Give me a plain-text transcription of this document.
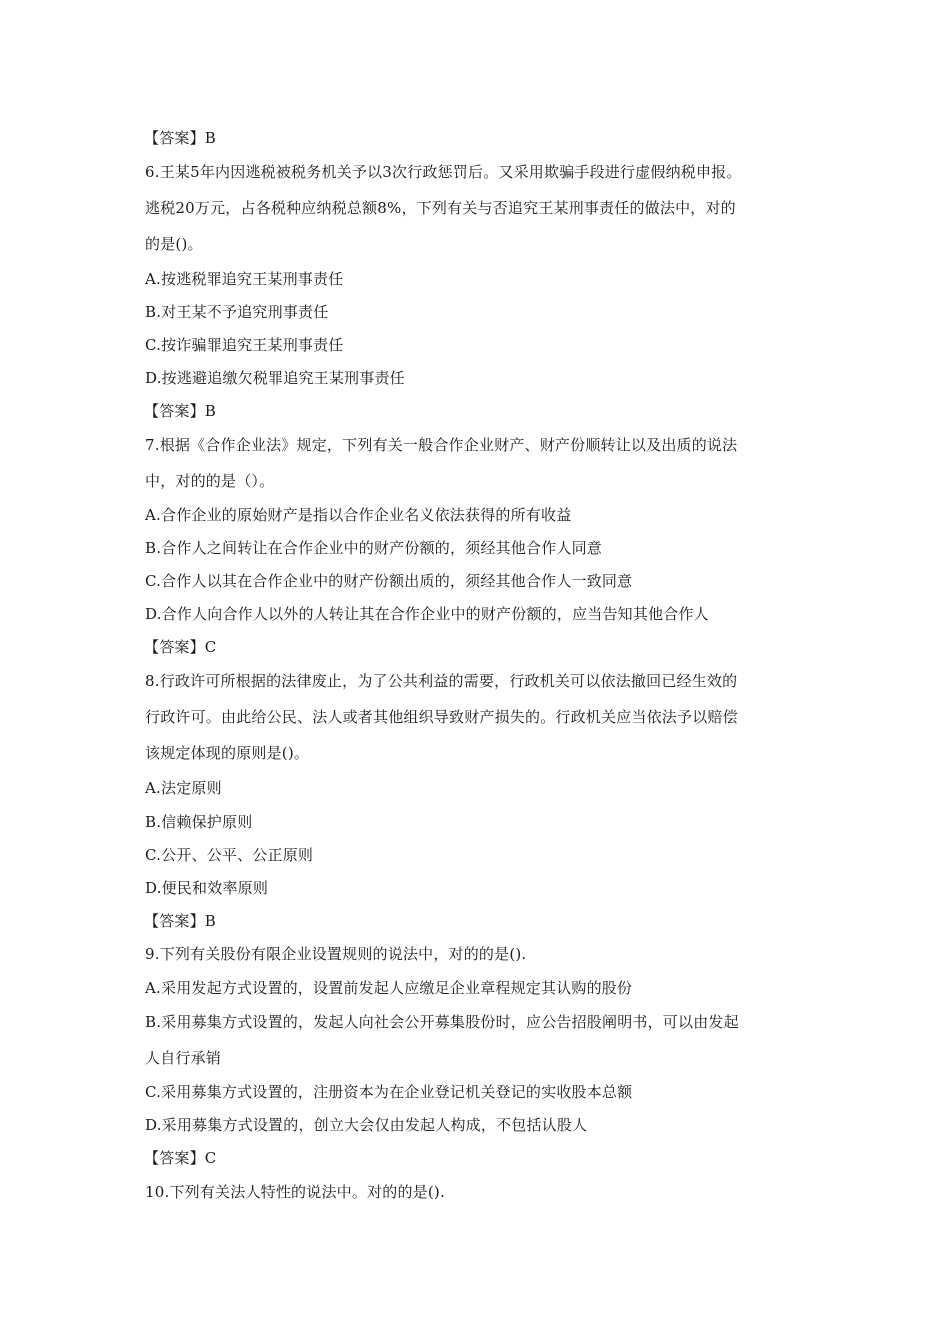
【答案】B
6.王某5年内因逃税被税务机关予以3次行政惩罚后。又采用欺骗手段进行虚假纳税申报。
逃税20万元，占各税种应纳税总额8%，下列有关与否追究王某刑事责任的做法中，对的
的是()。
A.按逃税罪追究王某刑事责任
B.对王某不予追究刑事责任
C.按诈骗罪追究王某刑事责任
D.按逃避追缴欠税罪追究王某刑事责任
【答案】B
7.根据《合作企业法》规定，下列有关一般合作企业财产、财产份顺转让以及出质的说法
中，对的的是（）。
A.合作企业的原始财产是指以合作企业名义依法获得的所有收益
B.合作人之间转让在合作企业中的财产份额的，须经其他合作人同意
C.合作人以其在合作企业中的财产份额出质的，须经其他合作人一致同意
D.合作人向合作人以外的人转让其在合作企业中的财产份额的，应当告知其他合作人
【答案】C
8.行政许可所根据的法律废止，为了公共利益的需要，行政机关可以依法撤回已经生效的
行政许可。由此给公民、法人或者其他组织导致财产损失的。行政机关应当依法予以赔偿
该规定体现的原则是()。
A.法定原则
B.信赖保护原则
C.公开、公平、公正原则
D.便民和效率原则
【答案】B
9.下列有关股份有限企业设置规则的说法中，对的的是().
A.采用发起方式设置的，设置前发起人应缴足企业章程规定其认购的股份
B.采用募集方式设置的，发起人向社会公开募集股份时，应公告招股阐明书，可以由发起
人自行承销
C.采用募集方式设置的，注册资本为在企业登记机关登记的实收股本总额
D.采用募集方式设置的，创立大会仅由发起人构成，不包括认股人
【答案】C
10.下列有关法人特性的说法中。对的的是().
